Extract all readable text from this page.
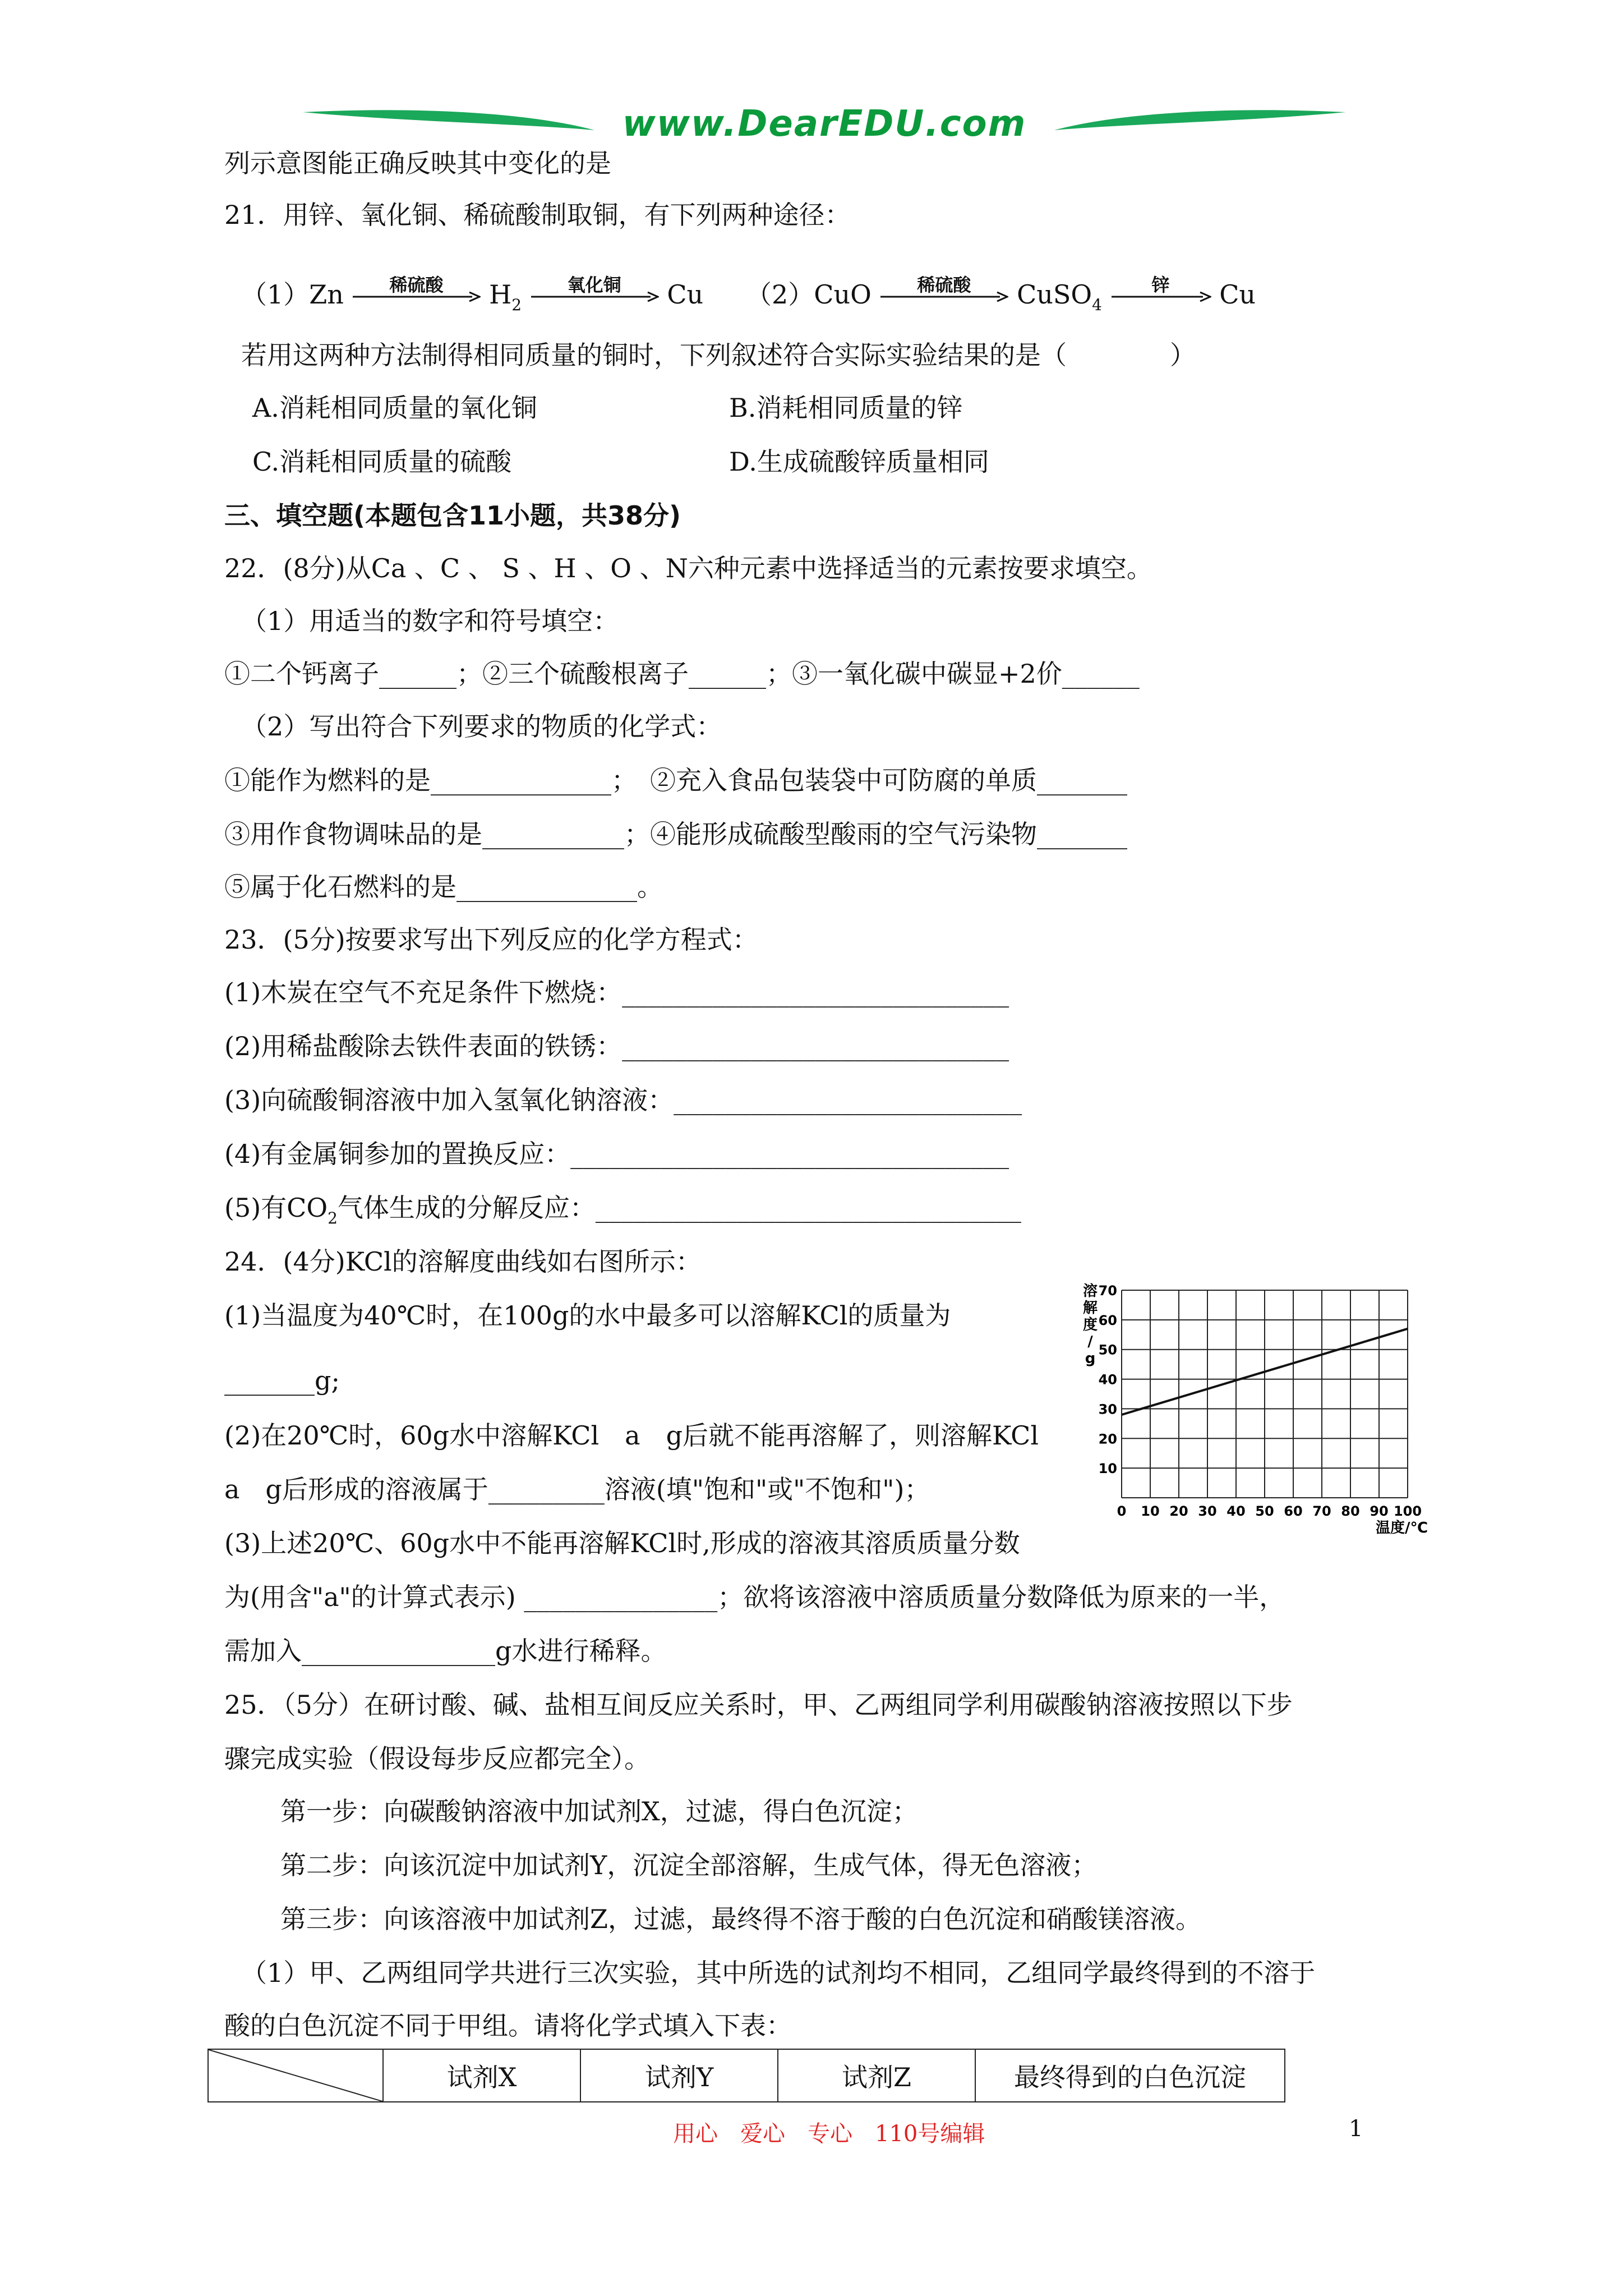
www.DearEDU.com
列示意图能正确反映其中变化的是
21．用锌、氧化铜、稀硫酸制取铜，有下列两种途径：
（1）Zn	稀硫酸	$H_2$
氧化铜	Cu （2）CuO	稀硫酸	CuSO$_4$
锌	Cu
若用这两种方法制得相同质量的铜时，下列叙述符合实际实验结果的是（　　　　）
A.消耗相同质量的氧化铜	B.消耗相同质量的锌
C.消耗相同质量的硫酸	D.生成硫酸锌质量相同
三、填空题(本题包含11小题，共38分)
22．(8分)从Ca 、C 、 S 、H 、O 、N六种元素中选择适当的元素按要求填空。
（1）用适当的数字和符号填空：
①二个钙离子______；②三个硫酸根离子______；③一氧化碳中碳显+2价______
（2）写出符合下列要求的物质的化学式：
①能作为燃料的是______________；　②充入食品包装袋中可防腐的单质_______
③用作食物调味品的是___________；④能形成硫酸型酸雨的空气污染物_______
⑤属于化石燃料的是______________。
23．(5分)按要求写出下列反应的化学方程式：
(1)木炭在空气不充足条件下燃烧：______________________________
(2)用稀盐酸除去铁件表面的铁锈：______________________________
(3)向硫酸铜溶液中加入氢氧化钠溶液：___________________________
(4)有金属铜参加的置换反应：__________________________________
(5)有$CO_2$气体生成的分解反应：_________________________________
24．(4分)KCl的溶解度曲线如右图所示：
(1)当温度为40℃时，在100g的水中最多可以溶解KCl的质量为
_______g;
(2)在20℃时，60g水中溶解KCl　a　g后就不能再溶解了，则溶解KCl
a　g后形成的溶液属于_________溶液(填"饱和"或"不饱和")；
(3)上述20℃、60g水中不能再溶解KCl时,形成的溶液其溶质质量分数
为(用含"a"的计算式表示) _______________；欲将该溶液中溶质质量分数降低为原来的一半，
需加入_______________g水进行稀释。
0 10 20 30 40 50 60 70 80 90 100
10
20
30
40
50
60
70
溶解度/ g
温度/℃
25．（5分）在研讨酸、碱、盐相互间反应关系时，甲、乙两组同学利用碳酸钠溶液按照以下步
骤完成实验（假设每步反应都完全）。
第一步：向碳酸钠溶液中加试剂X，过滤，得白色沉淀；
第二步：向该沉淀中加试剂Y，沉淀全部溶解，生成气体，得无色溶液；
第三步：向该溶液中加试剂Z，过滤，最终得不溶于酸的白色沉淀和硝酸镁溶液。
（1）甲、乙两组同学共进行三次实验，其中所选的试剂均不相同，乙组同学最终得到的不溶于
酸的白色沉淀不同于甲组。请将化学式填入下表：
	试剂X	试剂Y	试剂Z	最终得到的白色沉淀
用心　爱心　专心　110号编辑	1
